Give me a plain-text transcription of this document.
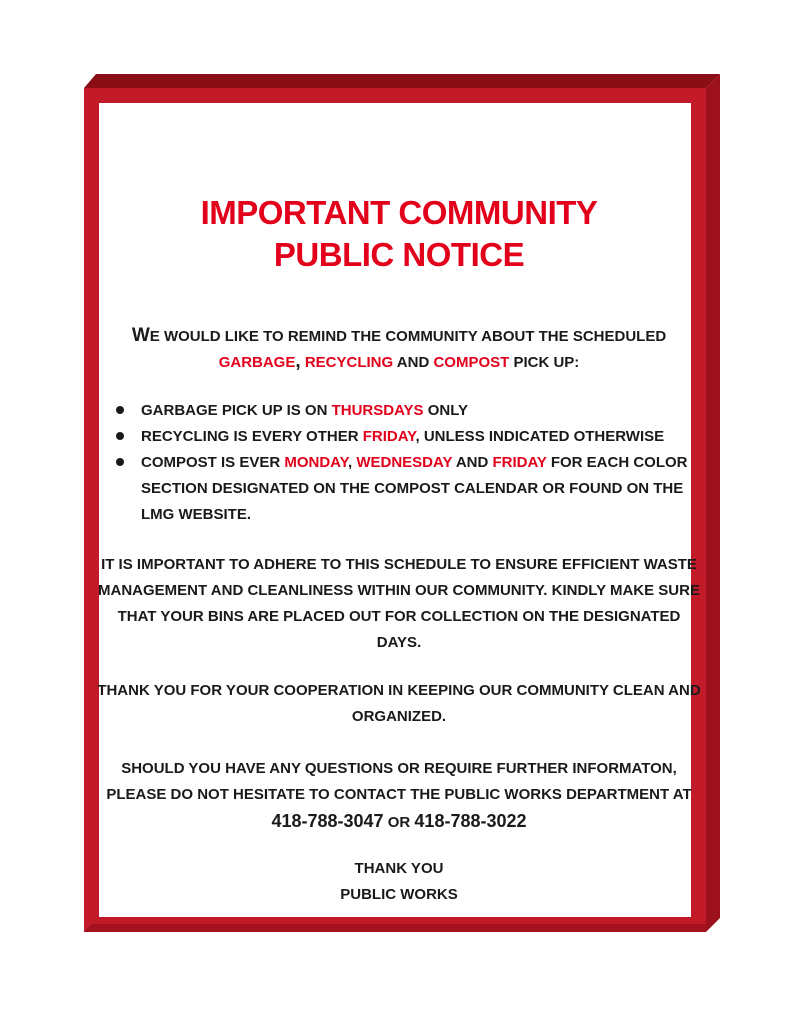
IMPORTANT COMMUNITY
PUBLIC NOTICE
WE WOULD LIKE TO REMIND THE COMMUNITY ABOUT THE SCHEDULED
GARBAGE, RECYCLING AND COMPOST PICK UP:
GARBAGE PICK UP IS ON THURSDAYS ONLY
RECYCLING IS EVERY OTHER FRIDAY, UNLESS INDICATED OTHERWISE
COMPOST IS EVER MONDAY, WEDNESDAY AND FRIDAY FOR EACH COLOR SECTION DESIGNATED ON THE COMPOST CALENDAR OR FOUND ON THE LMG WEBSITE.
IT IS IMPORTANT TO ADHERE TO THIS SCHEDULE TO ENSURE EFFICIENT WASTE MANAGEMENT AND CLEANLINESS WITHIN OUR COMMUNITY. KINDLY MAKE SURE THAT YOUR BINS ARE PLACED OUT FOR COLLECTION ON THE DESIGNATED DAYS.
THANK YOU FOR YOUR COOPERATION IN KEEPING OUR COMMUNITY CLEAN AND ORGANIZED.
SHOULD YOU HAVE ANY QUESTIONS OR REQUIRE FURTHER INFORMATON, PLEASE DO NOT HESITATE TO CONTACT THE PUBLIC WORKS DEPARTMENT AT
418-788-3047 OR 418-788-3022
THANK YOU
PUBLIC WORKS
